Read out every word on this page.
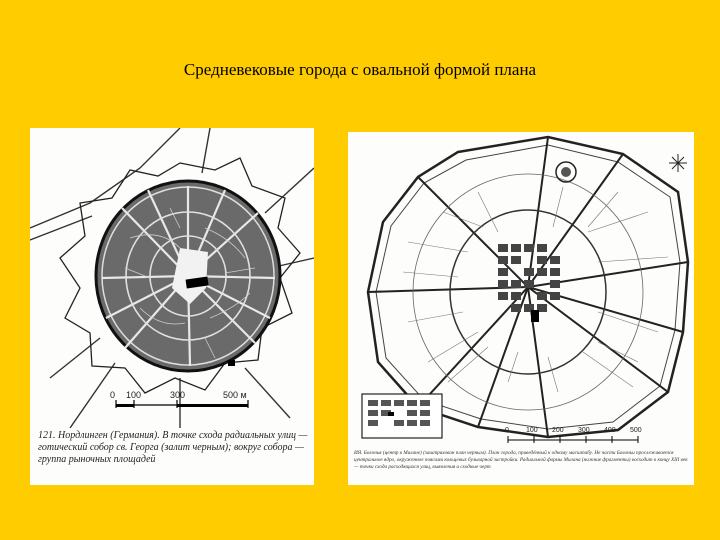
Средневековые города с овальной формой плана
0 100	300	500 м
121. Нордлинген (Германия). В точке схода радиальных улиц — готический собор св. Георга (залит черным); вокруг собора — группа рыночных площадей
0 100 200 300 400 500
ИЯ. Болонья (центр в Милане) (заштрихован план черным). План города, приведённый к одному масштабу. Не части Болоньи прослеживается центральное ядро, окруженное поясами кольцевых бульварной застройки. Радиальной формы Милана (нижние фрагменты) восходит к концу XIII век — точки схода расходящихся улиц, выявления и сходные черт
